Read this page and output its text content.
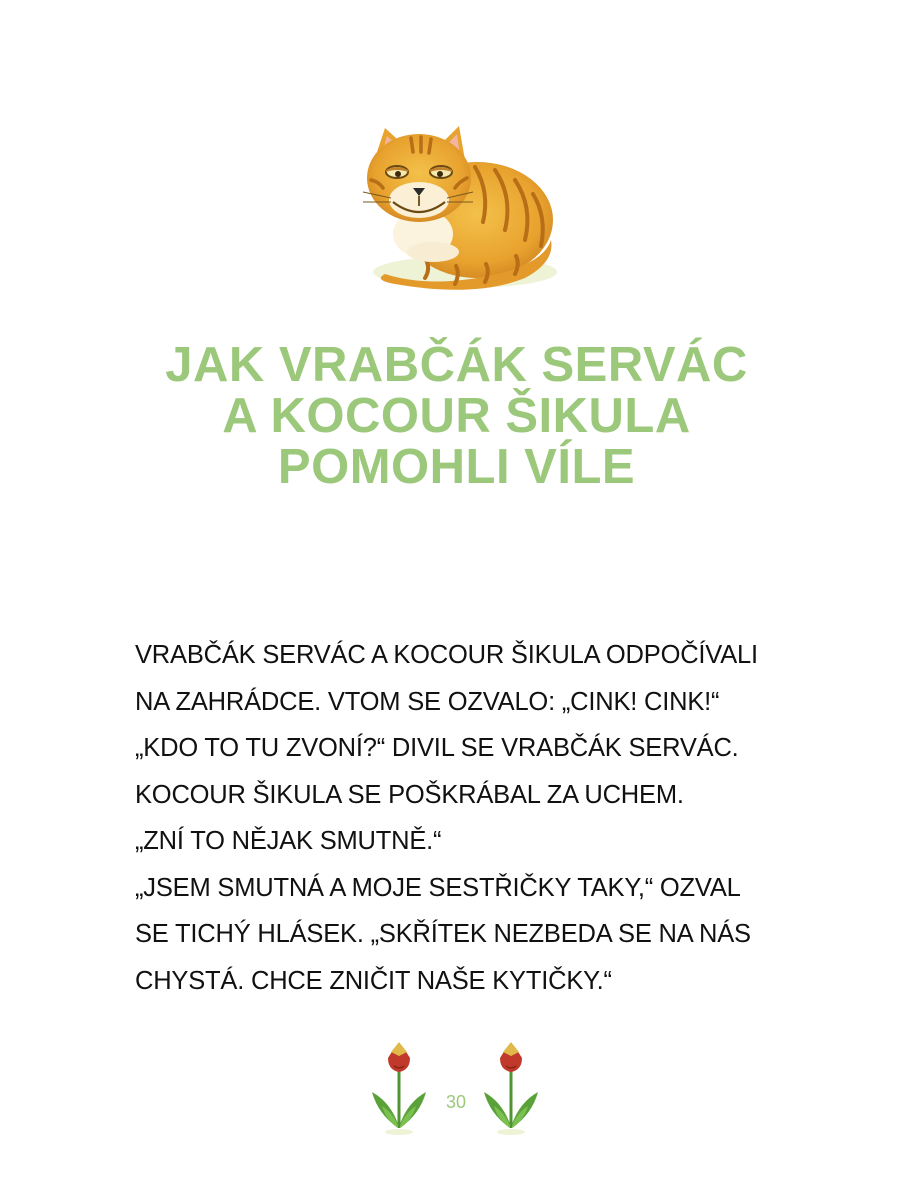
JAK VRABČÁK SERVÁC
A KOCOUR ŠIKULA
POMOHLI VÍLE
VRABČÁK SERVÁC A KOCOUR ŠIKULA ODPOČÍVALI
NA ZAHRÁDCE. VTOM SE OZVALO: „CINK! CINK!“
„KDO TO TU ZVONÍ?“ DIVIL SE VRABČÁK SERVÁC.
KOCOUR ŠIKULA SE POŠKRÁBAL ZA UCHEM.
„ZNÍ TO NĚJAK SMUTNĚ.“
„JSEM SMUTNÁ A MOJE SESTŘIČKY TAKY,“ OZVAL
SE TICHÝ HLÁSEK. „SKŘÍTEK NEZBEDA SE NA NÁS
CHYSTÁ. CHCE ZNIČIT NAŠE KYTIČKY.“
30
